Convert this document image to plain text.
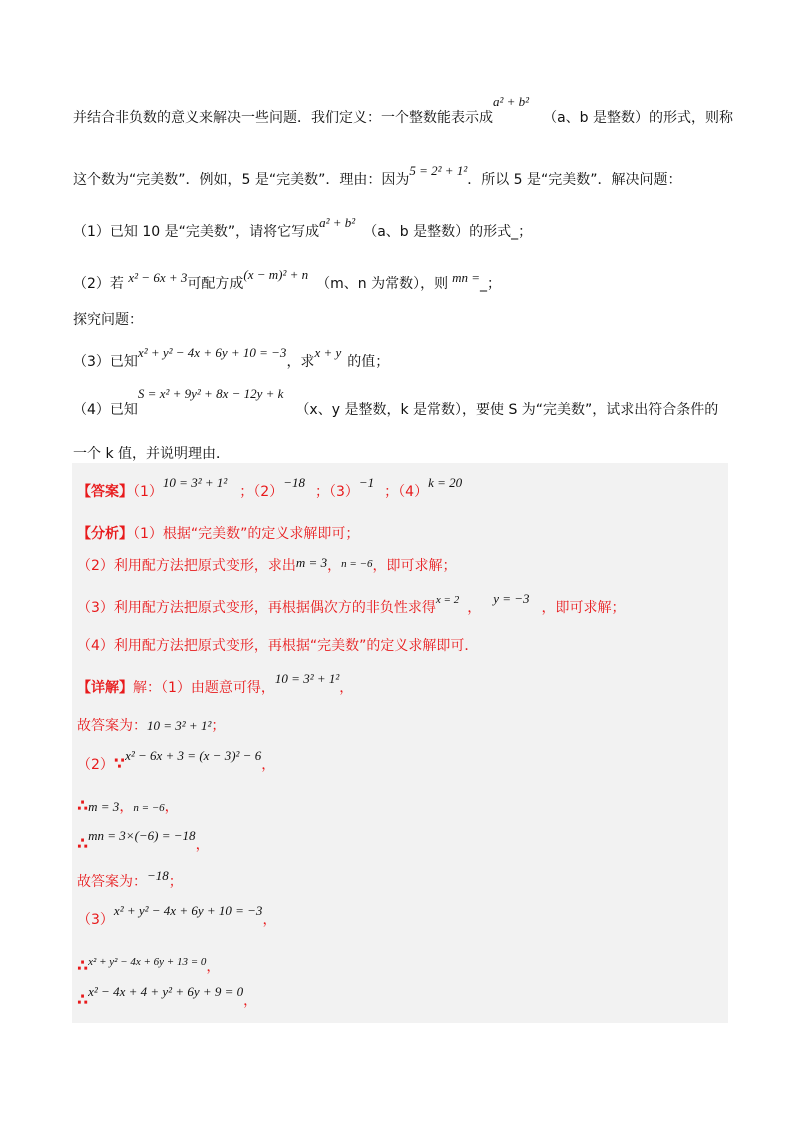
并结合非负数的意义来解决一些问题．我们定义：一个整数能表示成a² + b²（a、b 是整数）的形式，则称
这个数为“完美数”．例如，5 是“完美数”．理由：因为5 = 2² + 1²．所以 5 是“完美数”．解决问题：
（1）已知 10 是“完美数”，请将它写成a² + b²（a、b 是整数）的形式_；
（2）若 x² − 6x + 3可配方成(x − m)² + n（m、n 为常数），则 mn =_；
探究问题：
（3）已知x² + y² − 4x + 6y + 10 = −3，求x + y的值；
（4）已知S = x² + 9y² + 8x − 12y + k（x、y 是整数，k 是常数），要使 S 为“完美数”，试求出符合条件的
一个 k 值，并说明理由．
【答案】（1）10 = 3² + 1²；（2）−18；（3）−1；（4）k = 20
【分析】（1）根据“完美数”的定义求解即可；
（2）利用配方法把原式变形，求出m = 3，$^{n = -6}$，即可求解；
（3）利用配方法把原式变形，再根据偶次方的非负性求得$^{x = 2}$ ，y = −3，即可求解；
（4）利用配方法把原式变形，再根据“完美数”的定义求解即可．
【详解】解：（1）由题意可得，10 = 3² + 1²，
故答案为：10 = 3² + 1²；
（2）∵x² − 6x + 3 = (x − 3)² − 6，
∴m = 3，n = −6，
∴mn = 3×(−6) = −18，
故答案为：−18；
（3）x² + y² − 4x + 6y + 10 = −3，
∴$^{x^2 + y^2 - 4x + 6y + 13 = 0}$，
∴x² − 4x + 4 + y² + 6y + 9 = 0，
